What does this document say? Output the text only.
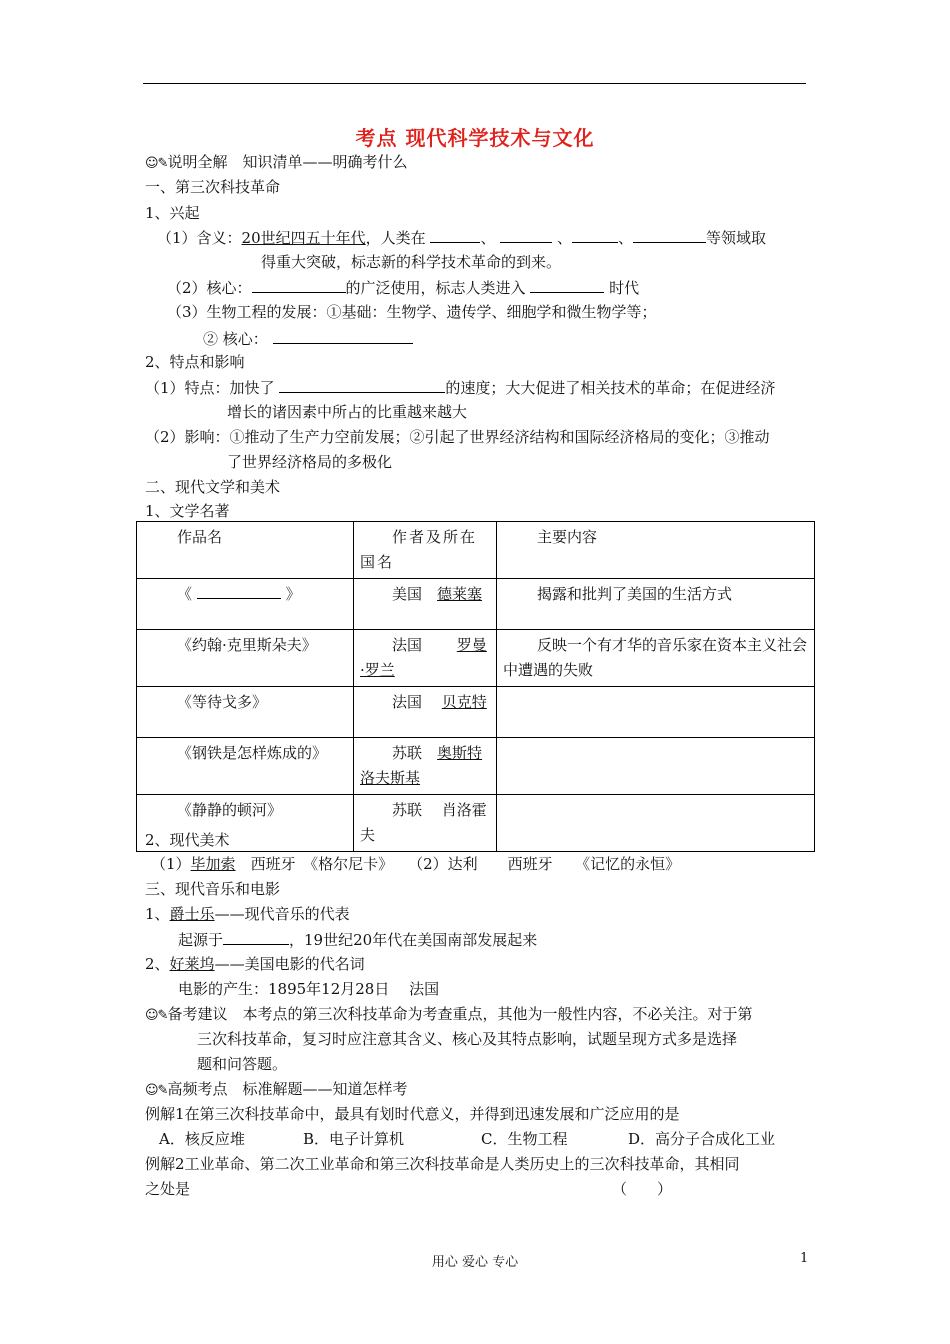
考点 现代科学技术与文化
☺✎说明全解　知识清单——明确考什么
一、第三次科技革命
1、兴起
（1）含义：20世纪四五十年代，人类在	、	、	、	等领域取
得重大突破，标志新的科学技术革命的到来。
（2）核心：	的广泛使用，标志人类进入	时代
（3）生物工程的发展：①基础：生物学、遗传学、细胞学和微生物学等；
② 核心：
2、特点和影响
（1）特点：加快了	的速度；大大促进了相关技术的革命；在促进经济
增长的诸因素中所占的比重越来越大
（2）影响：①推动了生产力空前发展；②引起了世界经济结构和国际经济格局的变化；③推动
了世界经济格局的多极化
二、现代文学和美术
1、文学名著
作品名	作者及所在国名	主要内容
《 》	美国　 德莱塞	揭露和批判了美国的生活方式
《约翰·克里斯朵夫》	法国　　 罗曼·罗兰	反映一个有才华的音乐家在资本主义社会中遭遇的失败
《等待戈多》	法国　 贝克特	
《钢铁是怎样炼成的》	苏联　 奥斯特洛夫斯基	
《静静的顿河》	苏联　 肖洛霍夫	
2、现代美术
（1）毕加索　西班牙　《格尔尼卡》　　（2）达利　　西班牙　　《记忆的永恒》
三、现代音乐和电影
1、爵士乐——现代音乐的代表
起源于	，19世纪20年代在美国南部发展起来
2、好莱坞——美国电影的代名词
电影的产生：1895年12月28日　 法国
☺✎备考建议　本考点的第三次科技革命为考查重点，其他为一般性内容，不必关注。对于第
三次科技革命，复习时应注意其含义、核心及其特点影响，试题呈现方式多是选择
题和问答题。
☺✎高频考点　标准解题——知道怎样考
例解1在第三次科技革命中，最具有划时代意义，并得到迅速发展和广泛应用的是
A．核反应堆	B．电子计算机	C．生物工程	D．高分子合成化工业
例解2工业革命、第二次工业革命和第三次科技革命是人类历史上的三次科技革命，其相同
之处是	（　　）
用心 爱心 专心	1
